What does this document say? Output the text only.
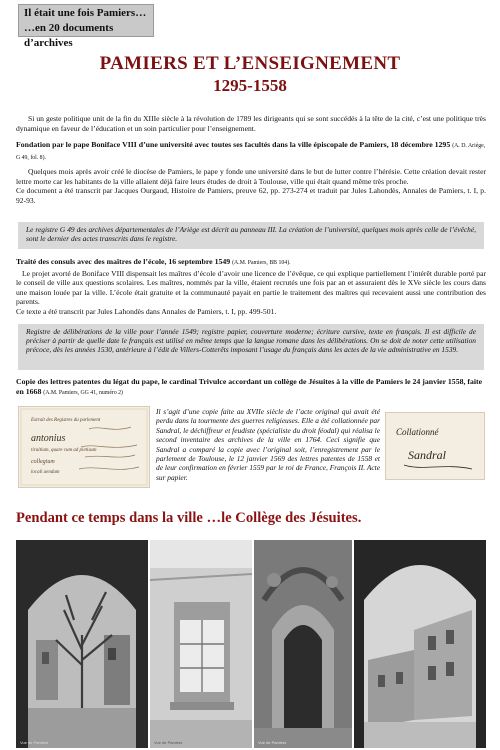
Il était une fois Pamiers…
…en 20 documents d’archives
PAMIERS ET L’ENSEIGNEMENT
1295-1558

Si un geste politique unit de la fin du XIIIe siècle à la révolution de 1789 les dirigeants qui se sont succédés à la tête de la cité, c’est une politique très dynamique en faveur de l’éducation et un soin particulier pour l’enseignement.

Fondation par le pape Boniface VIII d’une université avec toutes ses facultés dans la ville épiscopale de Pamiers, 18 décembre 1295 (A. D. Ariège, G 49, fol. 8).

Quelques mois après avoir créé le diocèse de Pamiers, le pape y fonde une université dans le but de lutter contre l’hérésie. Cette création devait rester lettre morte car les habitants de la ville allaient déjà faire leurs études de droit à Toulouse, ville qui était quand même très proche.

Ce document a été transcrit par Jacques Ourgaud, Histoire de Pamiers, preuve 62, pp. 273-274 et traduit par Jules Lahondès, Annales de Pamiers, t. I, p. 92-93.

Le registre G 49 des archives départementales de l’Ariège est décrit au panneau III. La création de l’université, quelques mois après celle de l’évêché, sont le dernier des actes transcrits dans le registre.

Traité des consuls avec des maîtres de l’école, 16 septembre 1549 (A.M. Pamiers, BB 104).

Le projet avorté de Boniface VIII dispensait les maîtres d’école d’avoir une licence de l’évêque, ce qui explique partiellement l’intérêt durable porté par le conseil de ville aux questions scolaires. Les maîtres, nommés par la ville, étaient recrutés une fois par an et assuraient dès le XVe siècle les cours dans une maison louée par la ville. L’école était gratuite et la communauté payait en partie le traitement des maîtres qui recevaient aussi une contribution des parents.

Ce texte a été transcrit par Jules Lahondès dans Annales de Pamiers, t. I, pp. 499-501.

Registre de délibérations de la ville pour l’année 1549; registre papier, couverture moderne; écriture cursive, texte en français. Il est difficile de préciser à partir de quelle date le français est utilisé en même temps que la langue romane dans les délibérations. On se doit de noter cette utilisation précoce, dès les années 1530, antérieure à l’édit de Villers-Cotterêts imposant l’usage du français dans les actes de la vie administrative en 1539.

Copie des lettres patentes du légat du pape, le cardinal Trivulce accordant un collège de Jésuites à la ville de Pamiers le 24 janvier 1558, faite en 1668 (A.M. Pamiers, GG 41, numéro 2)

Extrait des Registres du parlement
antonius
tiraitium, quare cum ad pietiusm
collegium
locali aendum
Il s’agit d’une copie faite au XVIIe siècle de l’acte original qui avait été perdu dans la tourmente des guerres religieuses. Elle a été collationnée par Sandral, le déchiffreur et feudiste (spécialiste du droit féodal) qui réalisa le second inventaire des archives de la ville en 1764. Ceci signifie que Sandral a comparé la copie avec l’original soit, l’enregistrement par le parlement de Toulouse, le 12 janvier 1569 des lettres patentes de 1558 et de leur confirmation en février 1559 par le roi de France, François II. Acte sur papier.
Collationné
Sandral
Pendant ce temps dans la ville …le Collège des Jésuites.
Vue de Pamiers	Vue de Pamiers	Vue de Pamiers
